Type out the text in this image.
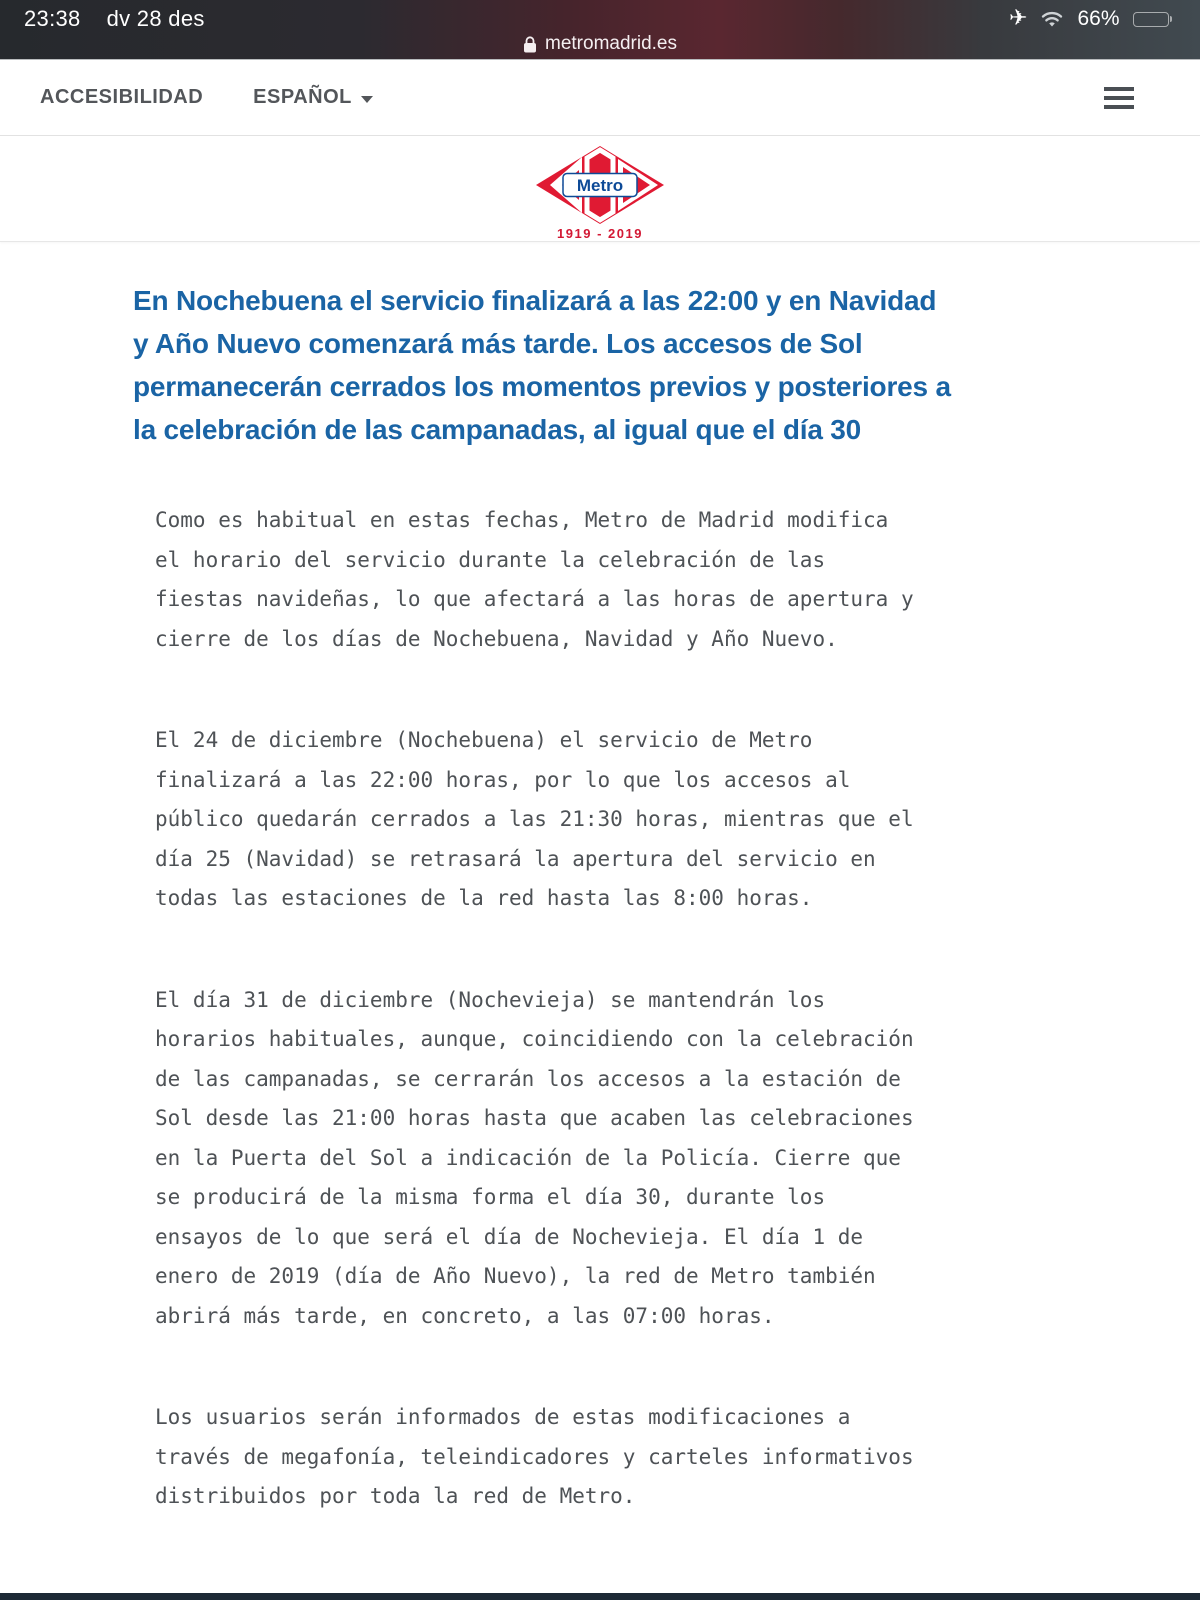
23:38 dv 28 des	✈ 66%
metromadrid.es
ACCESIBILIDAD	ESPAÑOL
Metro
1919 - 2019
En Nochebuena el servicio finalizará a las 22:00 y en Navidad y Año Nuevo comenzará más tarde. Los accesos de Sol permanecerán cerrados los momentos previos y posteriores a la celebración de las campanadas, al igual que el día 30

Como es habitual en estas fechas, Metro de Madrid modifica el horario del servicio durante la celebración de las fiestas navideñas, lo que afectará a las horas de apertura y cierre de los días de Nochebuena, Navidad y Año Nuevo.

El 24 de diciembre (Nochebuena) el servicio de Metro finalizará a las 22:00 horas, por lo que los accesos al público quedarán cerrados a las 21:30 horas, mientras que el día 25 (Navidad) se retrasará la apertura del servicio en todas las estaciones de la red hasta las 8:00 horas.

El día 31 de diciembre (Nochevieja) se mantendrán los horarios habituales, aunque, coincidiendo con la celebración de las campanadas, se cerrarán los accesos a la estación de Sol desde las 21:00 horas hasta que acaben las celebraciones en la Puerta del Sol a indicación de la Policía. Cierre que se producirá de la misma forma el día 30, durante los ensayos de lo que será el día de Nochevieja. El día 1 de enero de 2019 (día de Año Nuevo), la red de Metro también abrirá más tarde, en concreto, a las 07:00 horas.

Los usuarios serán informados de estas modificaciones a través de megafonía, teleindicadores y carteles informativos distribuidos por toda la red de Metro.
